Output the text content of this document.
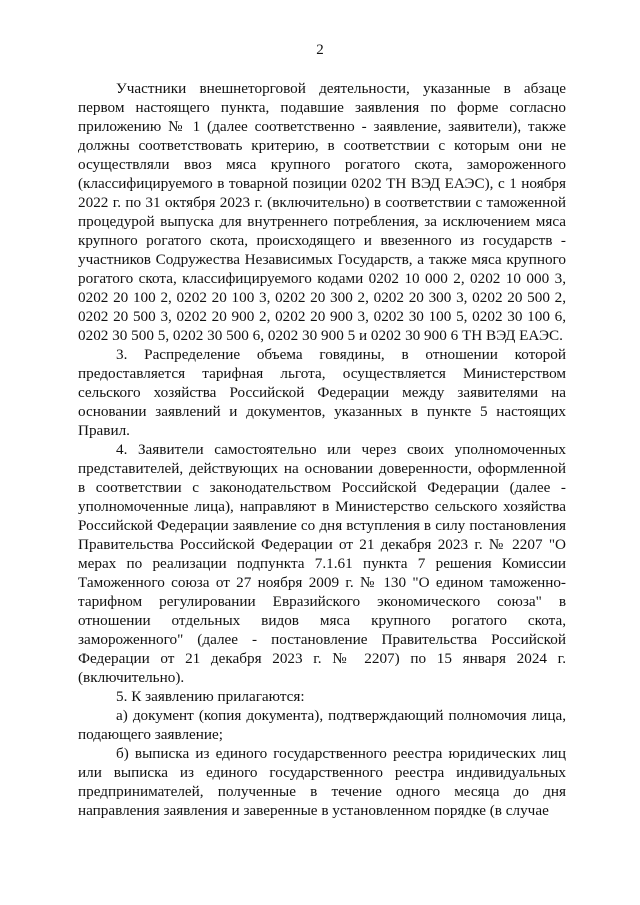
2

Участники внешнеторговой деятельности, указанные в абзаце первом настоящего пункта, подавшие заявления по форме согласно приложению № 1 (далее соответственно - заявление, заявители), также должны соответствовать критерию, в соответствии с которым они не осуществляли ввоз мяса крупного рогатого скота, замороженного (классифицируемого в товарной позиции 0202 ТН ВЭД ЕАЭС), с 1 ноября 2022 г. по 31 октября 2023 г. (включительно) в соответствии с таможенной процедурой выпуска для внутреннего потребления, за исключением мяса крупного рогатого скота, происходящего и ввезенного из государств - участников Содружества Независимых Государств, а также мяса крупного рогатого скота, классифицируемого кодами 0202 10 000 2, 0202 10 000 3, 0202 20 100 2, 0202 20 100 3, 0202 20 300 2, 0202 20 300 3, 0202 20 500 2, 0202 20 500 3, 0202 20 900 2, 0202 20 900 3, 0202 30 100 5, 0202 30 100 6, 0202 30 500 5, 0202 30 500 6, 0202 30 900 5 и 0202 30 900 6 ТН ВЭД ЕАЭС.

3. Распределение объема говядины, в отношении которой предоставляется тарифная льгота, осуществляется Министерством сельского хозяйства Российской Федерации между заявителями на основании заявлений и документов, указанных в пункте 5 настоящих Правил.

4. Заявители самостоятельно или через своих уполномоченных представителей, действующих на основании доверенности, оформленной в соответствии с законодательством Российской Федерации (далее - уполномоченные лица), направляют в Министерство сельского хозяйства Российской Федерации заявление со дня вступления в силу постановления Правительства Российской Федерации от 21 декабря 2023 г. № 2207 "О мерах по реализации подпункта 7.1.61 пункта 7 решения Комиссии Таможенного союза от 27 ноября 2009 г. № 130 "О едином таможенно-тарифном регулировании Евразийского экономического союза" в отношении отдельных видов мяса крупного рогатого скота, замороженного" (далее - постановление Правительства Российской Федерации от 21 декабря 2023 г. № 2207) по 15 января 2024 г. (включительно).

5. К заявлению прилагаются:

а) документ (копия документа), подтверждающий полномочия лица, подающего заявление;

б) выписка из единого государственного реестра юридических лиц или выписка из единого государственного реестра индивидуальных предпринимателей, полученные в течение одного месяца до дня направления заявления и заверенные в установленном порядке (в случае
